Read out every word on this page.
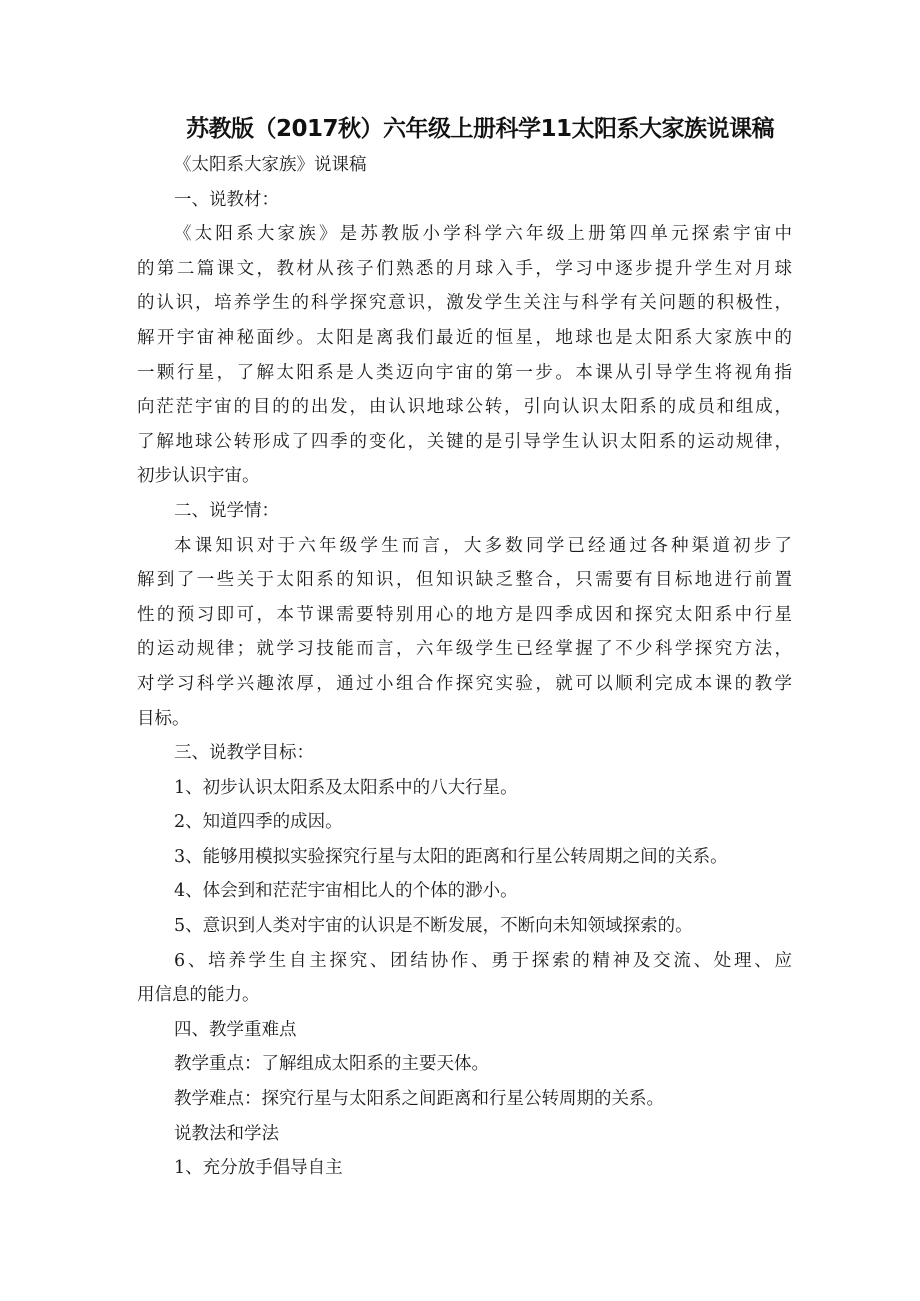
苏教版（2017秋）六年级上册科学11太阳系大家族说课稿
《太阳系大家族》说课稿
一、说教材：
《太阳系大家族》是苏教版小学科学六年级上册第四单元探索宇宙中
的第二篇课文，教材从孩子们熟悉的月球入手，学习中逐步提升学生对月球
的认识，培养学生的科学探究意识，激发学生关注与科学有关问题的积极性，
解开宇宙神秘面纱。太阳是离我们最近的恒星，地球也是太阳系大家族中的
一颗行星，了解太阳系是人类迈向宇宙的第一步。本课从引导学生将视角指
向茫茫宇宙的目的的出发，由认识地球公转，引向认识太阳系的成员和组成，
了解地球公转形成了四季的变化，关键的是引导学生认识太阳系的运动规律，
初步认识宇宙。
二、说学情：
本课知识对于六年级学生而言，大多数同学已经通过各种渠道初步了
解到了一些关于太阳系的知识，但知识缺乏整合，只需要有目标地进行前置
性的预习即可，本节课需要特别用心的地方是四季成因和探究太阳系中行星
的运动规律；就学习技能而言，六年级学生已经掌握了不少科学探究方法，
对学习科学兴趣浓厚，通过小组合作探究实验，就可以顺利完成本课的教学
目标。
三、说教学目标：
1、初步认识太阳系及太阳系中的八大行星。
2、知道四季的成因。
3、能够用模拟实验探究行星与太阳的距离和行星公转周期之间的关系。
4、体会到和茫茫宇宙相比人的个体的渺小。
5、意识到人类对宇宙的认识是不断发展，不断向未知领域探索的。
6、培养学生自主探究、团结协作、勇于探索的精神及交流、处理、应
用信息的能力。
四、教学重难点
教学重点：了解组成太阳系的主要天体。
教学难点：探究行星与太阳系之间距离和行星公转周期的关系。
说教法和学法
1、充分放手倡导自主
